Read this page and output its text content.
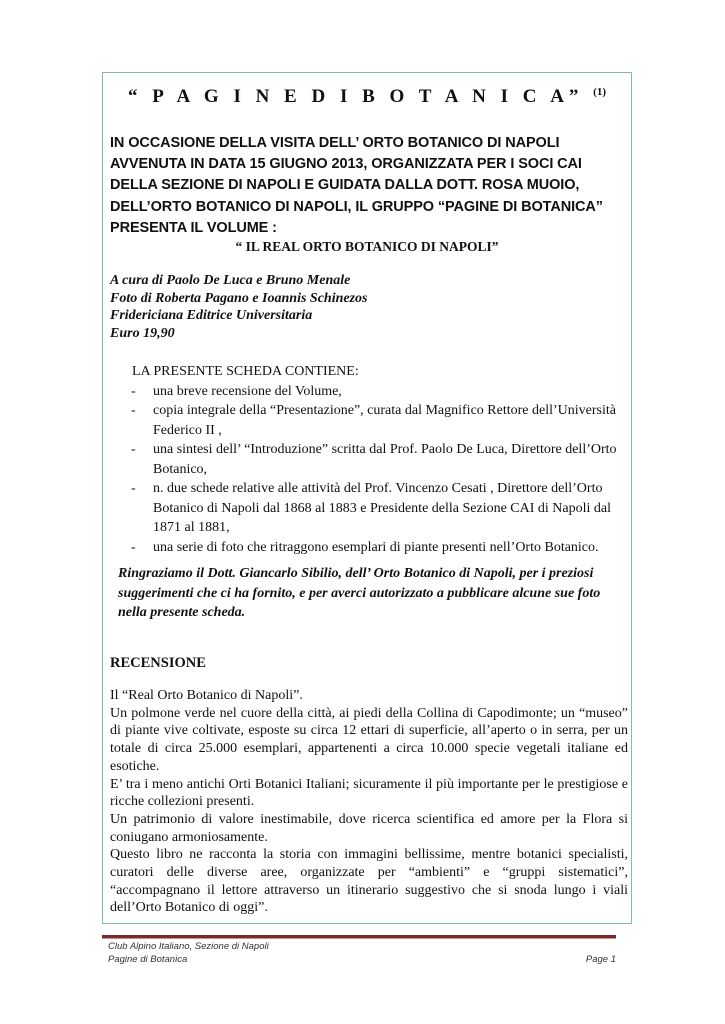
“ P A G I N E D I B O T A N I C A” $^{(1)}$
IN OCCASIONE DELLA VISITA DELL’ ORTO BOTANICO DI NAPOLI
AVVENUTA IN DATA 15 GIUGNO 2013, ORGANIZZATA PER I SOCI CAI
DELLA SEZIONE DI NAPOLI E GUIDATA DALLA DOTT. ROSA MUOIO,
DELL’ORTO BOTANICO DI NAPOLI, IL GRUPPO “PAGINE DI BOTANICA”
PRESENTA IL VOLUME :
“ IL REAL ORTO BOTANICO DI NAPOLI”
A cura di Paolo De Luca e Bruno Menale
Foto di Roberta Pagano e Ioannis Schinezos
Fridericiana Editrice Universitaria
Euro 19,90
LA PRESENTE SCHEDA CONTIENE:
- una breve recensione del Volume,
- copia integrale della “Presentazione”, curata dal Magnifico Rettore dell’Università Federico II ,
- una sintesi dell’ “Introduzione” scritta dal Prof. Paolo De Luca, Direttore dell’Orto Botanico,
- n. due schede relative alle attività del Prof. Vincenzo Cesati , Direttore dell’Orto Botanico di Napoli dal 1868 al 1883 e Presidente della Sezione CAI di Napoli dal 1871 al 1881,
- una serie di foto che ritraggono esemplari di piante presenti nell’Orto Botanico.
Ringraziamo il Dott. Giancarlo Sibilio, dell’ Orto Botanico di Napoli, per i preziosi suggerimenti che ci ha fornito, e per averci autorizzato a pubblicare alcune sue foto nella presente scheda.
RECENSIONE

Il “Real Orto Botanico di Napoli”.

Un polmone verde nel cuore della città, ai piedi della Collina di Capodimonte; un “museo” di piante vive coltivate, esposte su circa 12 ettari di superficie, all’aperto o in serra, per un totale di circa 25.000 esemplari, appartenenti a circa 10.000 specie vegetali italiane ed esotiche.

E’ tra i meno antichi Orti Botanici Italiani; sicuramente il più importante per le prestigiose e ricche collezioni presenti.

Un patrimonio di valore inestimabile, dove ricerca scientifica ed amore per la Flora si coniugano armoniosamente.

Questo libro ne racconta la storia con immagini bellissime, mentre botanici specialisti, curatori delle diverse aree, organizzate per “ambienti” e “gruppi sistematici”, “accompagnano il lettore attraverso un itinerario suggestivo che si snoda lungo i viali dell’Orto Botanico di oggi”.

Club Alpino Italiano, Sezione di Napoli
Pagine di Botanica	Page 1
